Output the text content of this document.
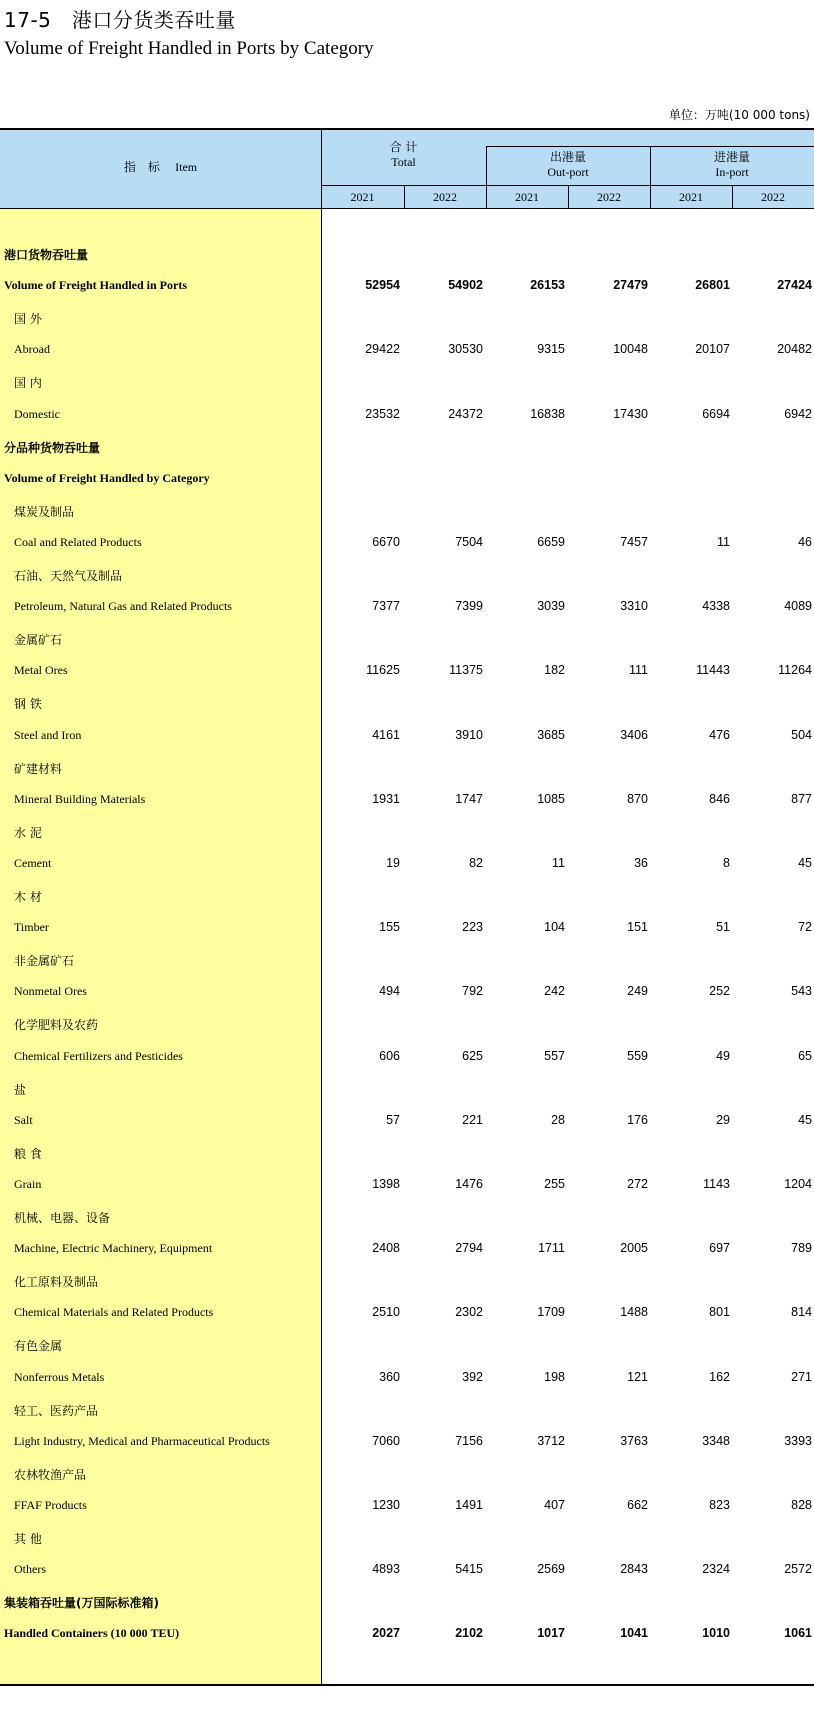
17-5　港口分货类吞吐量
Volume of Freight Handled in Ports by Category
单位：万吨(10 000 tons)
指　标 Item
合 计
Total	出港量
Out-port
进港量
In-port
2021	2022	2021	2022	2021	2022
港口货物吞吐量
Volume of Freight Handled in Ports	52954	54902	26153	27479	26801	27424
国 外
Abroad	29422	30530	9315	10048	20107	20482
国 内
Domestic	23532	24372	16838	17430	6694	6942
分品种货物吞吐量
Volume of Freight Handled by Category
煤炭及制品
Coal and Related Products	6670	7504	6659	7457	11	46
石油、天然气及制品
Petroleum, Natural Gas and Related Products	7377	7399	3039	3310	4338	4089
金属矿石
Metal Ores	11625	11375	182	111	11443	11264
钢 铁
Steel and Iron	4161	3910	3685	3406	476	504
矿建材料
Mineral Building Materials	1931	1747	1085	870	846	877
水 泥
Cement	19	82	11	36	8	45
木 材
Timber	155	223	104	151	51	72
非金属矿石
Nonmetal Ores	494	792	242	249	252	543
化学肥料及农药
Chemical Fertilizers and Pesticides	606	625	557	559	49	65
盐
Salt	57	221	28	176	29	45
粮 食
Grain	1398	1476	255	272	1143	1204
机械、电器、设备
Machine, Electric Machinery, Equipment	2408	2794	1711	2005	697	789
化工原料及制品
Chemical Materials and Related Products	2510	2302	1709	1488	801	814
有色金属
Nonferrous Metals	360	392	198	121	162	271
轻工、医药产品
Light Industry, Medical and Pharmaceutical Products	7060	7156	3712	3763	3348	3393
农林牧渔产品
FFAF Products	1230	1491	407	662	823	828
其 他
Others	4893	5415	2569	2843	2324	2572
集装箱吞吐量(万国际标准箱)
Handled Containers (10 000 TEU)	2027	2102	1017	1041	1010	1061
